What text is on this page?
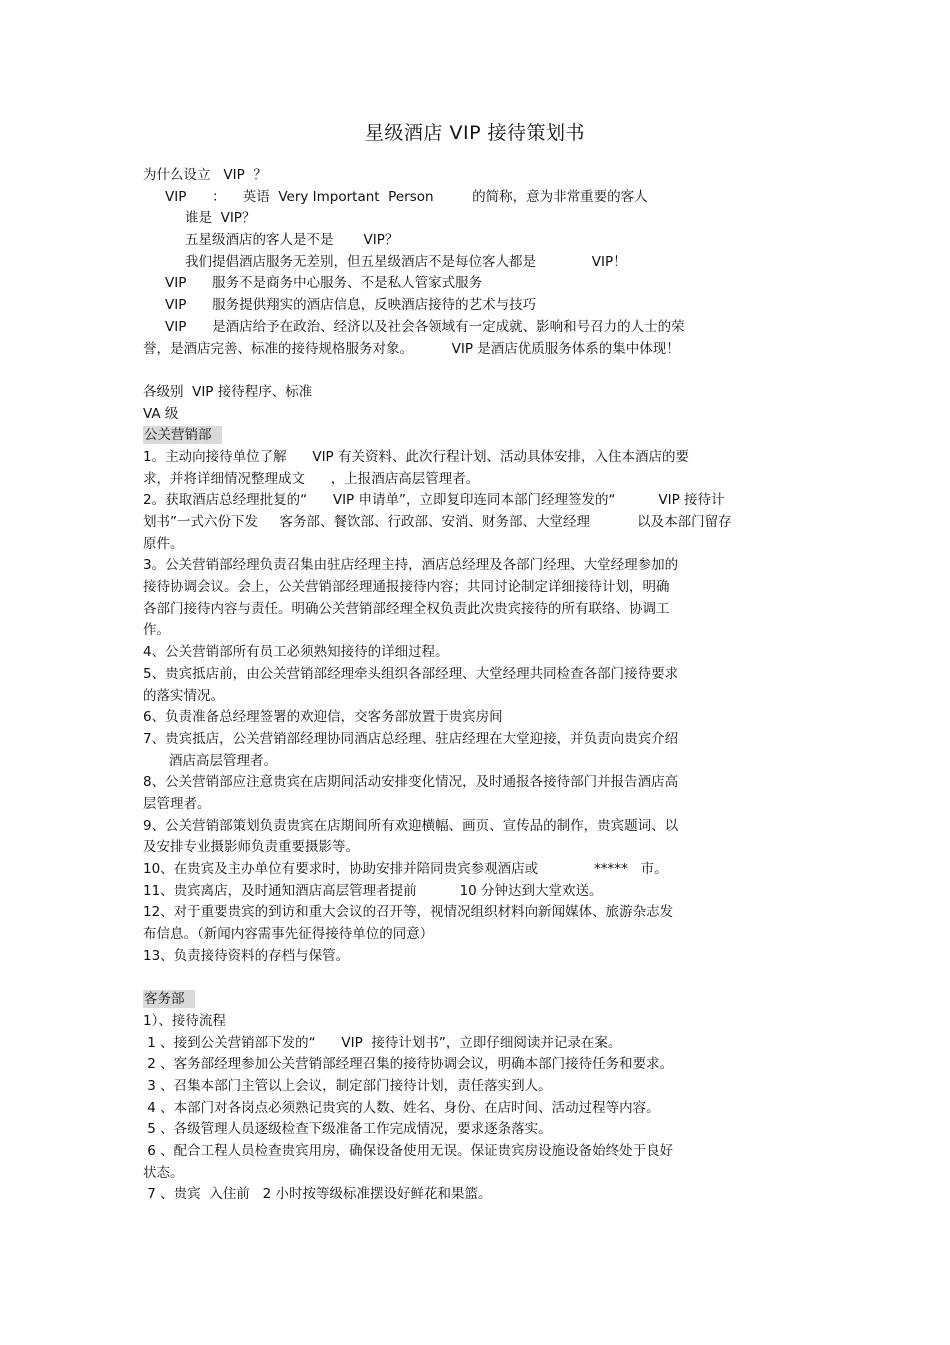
星级酒店 VIP 接待策划书
为什么设立   VIP  ？
VIP      ：    英语  Very Important  Person         的简称，意为非常重要的客人
谁是  VIP？
五星级酒店的客人是不是       VIP？
我们提倡酒店服务无差别，但五星级酒店不是每位客人都是             VIP！
VIP      服务不是商务中心服务、不是私人管家式服务
VIP      服务提供翔实的酒店信息，反映酒店接待的艺术与技巧
VIP      是酒店给予在政治、经济以及社会各领域有一定成就、影响和号召力的人士的荣
誉，是酒店完善、标准的接待规格服务对象。         VIP 是酒店优质服务体系的集中体现！
各级别  VIP 接待程序、标准
VA 级
公关营销部
1。主动向接待单位了解      VIP 有关资料、此次行程计划、活动具体安排，入住本酒店的要
求，并将详细情况整理成文      ，上报酒店高层管理者。
2。获取酒店总经理批复的“      VIP 申请单”，立即复印连同本部门经理签发的“          VIP 接待计
划书”一式六份下发     客务部、餐饮部、行政部、安消、财务部、大堂经理           以及本部门留存
原件。
3。公关营销部经理负责召集由驻店经理主持，酒店总经理及各部门经理、大堂经理参加的
接待协调会议。会上，公关营销部经理通报接待内容；共同讨论制定详细接待计划，明确
各部门接待内容与责任。明确公关营销部经理全权负责此次贵宾接待的所有联络、协调工
作。
4、公关营销部所有员工必须熟知接待的详细过程。
5、贵宾抵店前，由公关营销部经理牵头组织各部经理、大堂经理共同检查各部门接待要求
的落实情况。
6、负责准备总经理签署的欢迎信，交客务部放置于贵宾房间
7、贵宾抵店，公关营销部经理协同酒店总经理、驻店经理在大堂迎接，并负责向贵宾介绍
酒店高层管理者。
8、公关营销部应注意贵宾在店期间活动安排变化情况，及时通报各接待部门并报告酒店高
层管理者。
9、公关营销部策划负责贵宾在店期间所有欢迎横幅、画页、宣传品的制作，贵宾题词、以
及安排专业摄影师负责重要摄影等。
10、在贵宾及主办单位有要求时，协助安排并陪同贵宾参观酒店或             *****   市。
11、贵宾离店，及时通知酒店高层管理者提前          10 分钟达到大堂欢送。
12、对于重要贵宾的到访和重大会议的召开等，视情况组织材料向新闻媒体、旅游杂志发
布信息。（新闻内容需事先征得接待单位的同意）
13、负责接待资料的存档与保管。
客务部
1）、接待流程
1 、接到公关营销部下发的“      VIP  接待计划书”，立即仔细阅读并记录在案。
2 、客务部经理参加公关营销部经理召集的接待协调会议，明确本部门接待任务和要求。
3 、召集本部门主管以上会议，制定部门接待计划，责任落实到人。
4 、本部门对各岗点必须熟记贵宾的人数、姓名、身份、在店时间、活动过程等内容。
5 、各级管理人员逐级检查下级准备工作完成情况，要求逐条落实。
6 、配合工程人员检查贵宾用房，确保设备使用无误。保证贵宾房设施设备始终处于良好
状态。
7 、贵宾  入住前   2 小时按等级标准摆设好鲜花和果篮。
